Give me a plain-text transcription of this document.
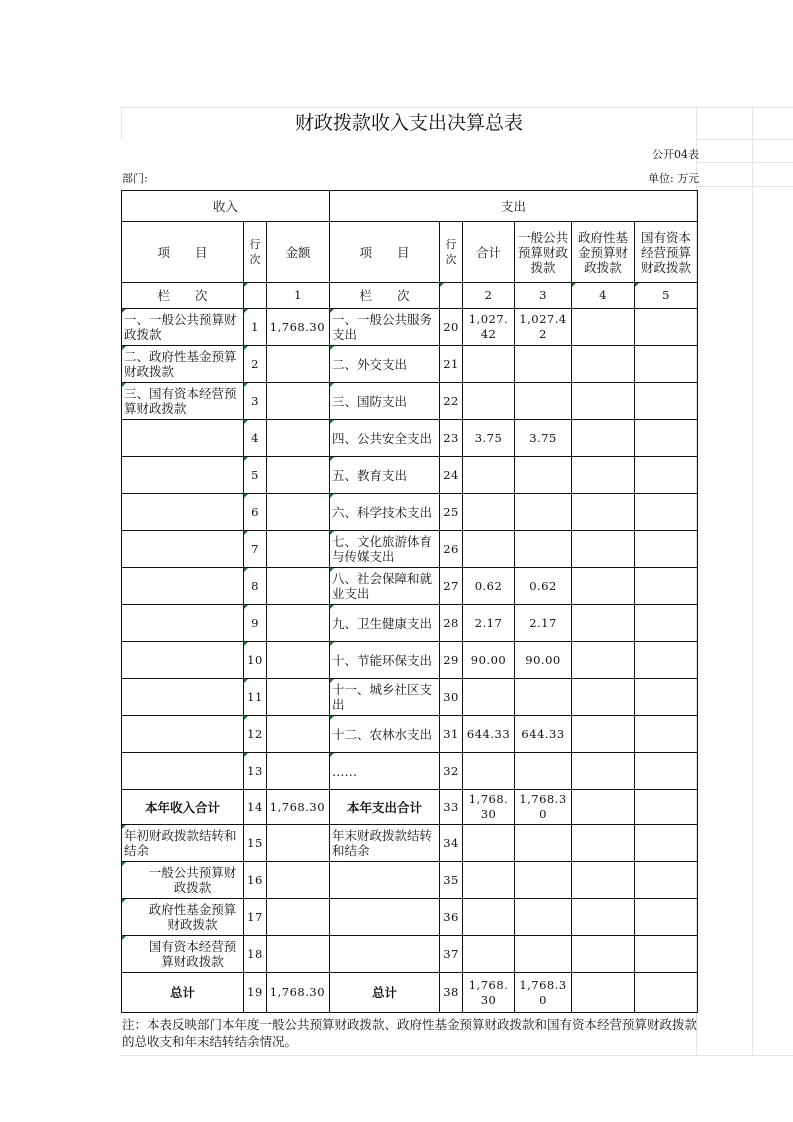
财政拨款收入支出决算总表
公开04表
部门:	单位: 万元
收入			支出					
项　　目	行次	金额	项　　目	行次	合计	一般公共预算财政拨款	政府性基金预算财政拨款	国有资本经营预算财政拨款
栏　　次		1	栏　　次		2	3	4	5
一、一般公共预算财政拨款	1	1,768.30	一、一般公共服务支出	20	1,027.42	1,027.42		
二、政府性基金预算财政拨款	2		二、外交支出	21				
三、国有资本经营预算财政拨款	3		三、国防支出	22				
	4		四、公共安全支出	23	3.75	3.75		
	5		五、教育支出	24				
	6		六、科学技术支出	25				
	7		七、文化旅游体育与传媒支出	26				
	8		八、社会保障和就业支出	27	0.62	0.62		
	9		九、卫生健康支出	28	2.17	2.17		
	10		十、节能环保支出	29	90.00	90.00		
	11		十一、城乡社区支出	30				
	12		十二、农林水支出	31	644.33	644.33		
	13		……	32				
本年收入合计	14	1,768.30	本年支出合计	33	1,768.30	1,768.30		
年初财政拨款结转和结余	15		年末财政拨款结转和结余	34				
一般公共预算财政拨款	16			35				
政府性基金预算财政拨款	17			36				
国有资本经营预算财政拨款	18			37				
总计	19	1,768.30	总计	38	1,768.30	1,768.30		
注：本表反映部门本年度一般公共预算财政拨款、政府性基金预算财政拨款和国有资本经营预算财政拨款的总收支和年末结转结余情况。
